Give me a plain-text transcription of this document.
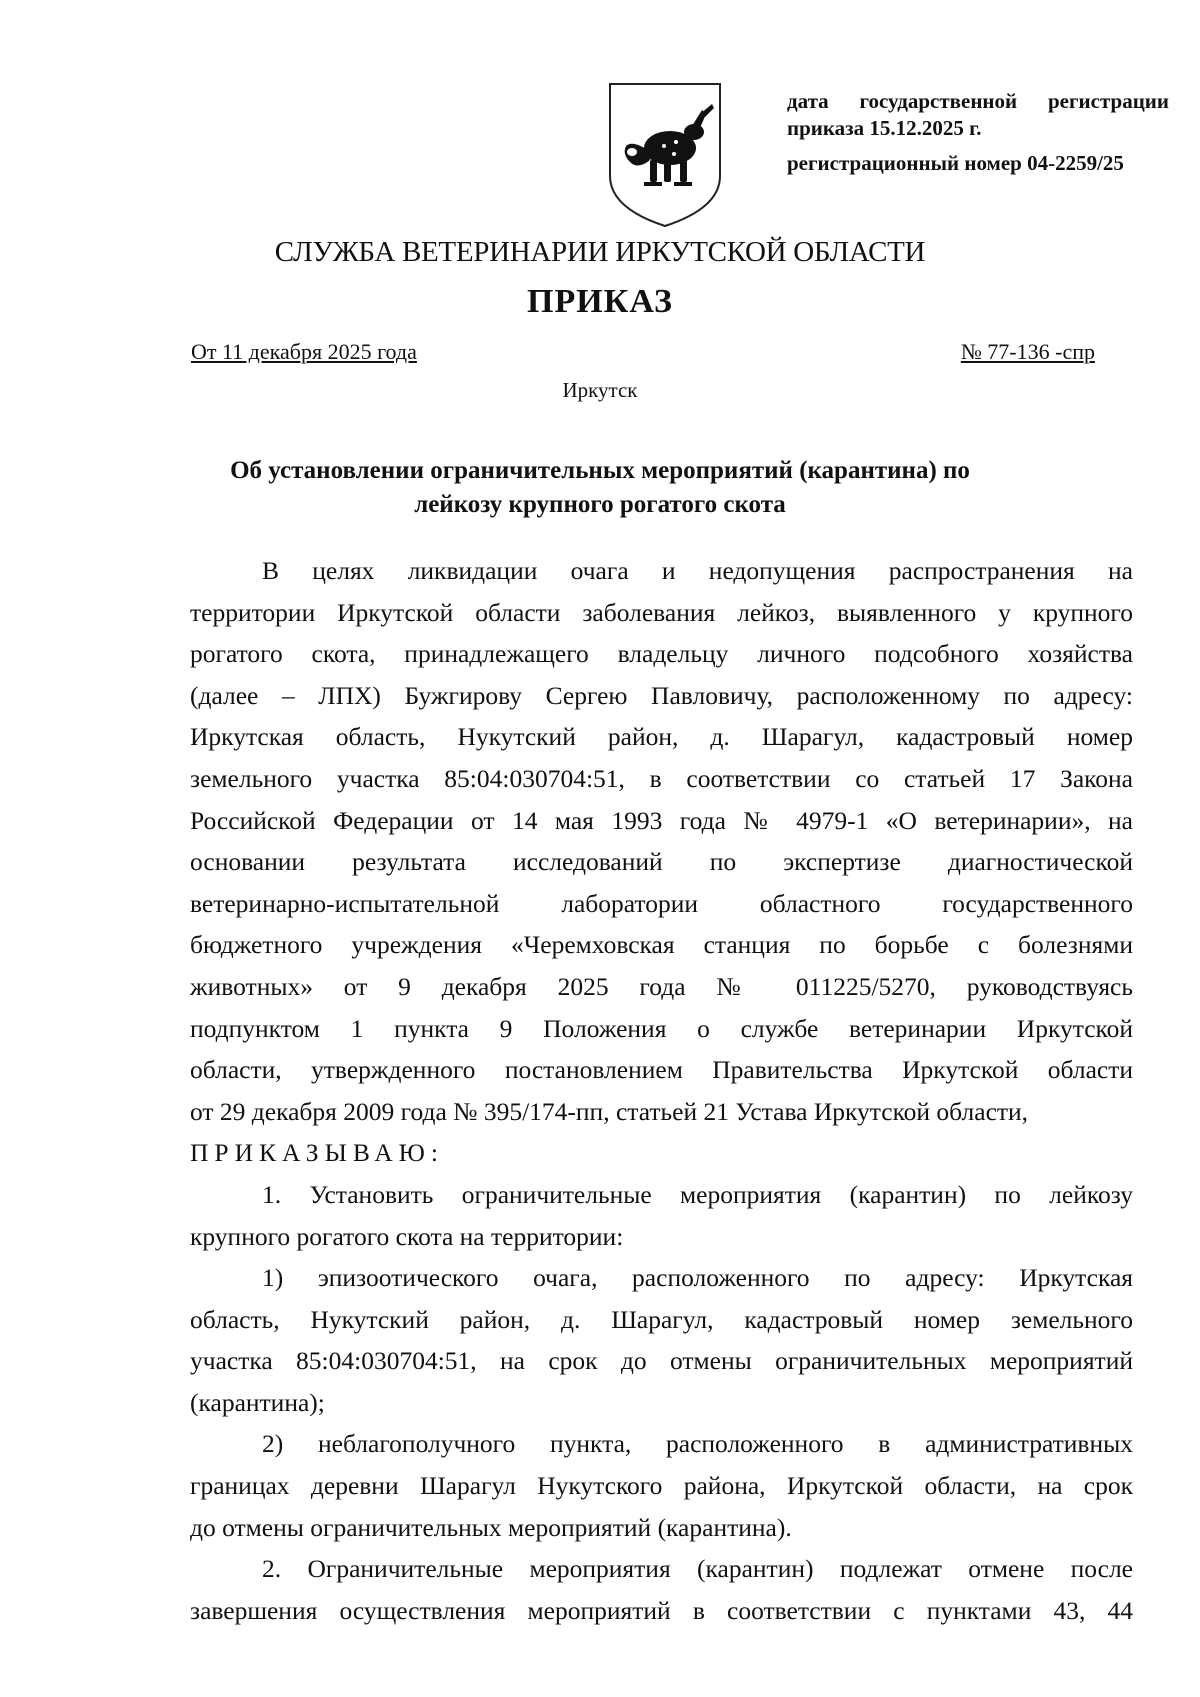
дата государственной регистрации
приказа 15.12.2025 г.
регистрационный номер 04-2259/25
СЛУЖБА ВЕТЕРИНАРИИ ИРКУТСКОЙ ОБЛАСТИ
ПРИКАЗ
От 11 декабря 2025 года	№ 77-136 -спр
Иркутск
Об установлении ограничительных мероприятий (карантина) по
лейкозу крупного рогатого скота
В целях ликвидации очага и недопущения распространения на
территории Иркутской области заболевания лейкоз, выявленного у крупного
рогатого скота, принадлежащего владельцу личного подсобного хозяйства
(далее – ЛПХ) Бужгирову Сергею Павловичу, расположенному по адресу:
Иркутская область, Нукутский район, д. Шарагул, кадастровый номер
земельного участка 85:04:030704:51, в соответствии со статьей 17 Закона
Российской Федерации от 14 мая 1993 года № 4979-1 «О ветеринарии», на
основании результата исследований по экспертизе диагностической
ветеринарно-испытательной лаборатории областного государственного
бюджетного учреждения «Черемховская станция по борьбе с болезнями
животных» от 9 декабря 2025 года № 011225/5270, руководствуясь
подпунктом 1 пункта 9 Положения о службе ветеринарии Иркутской
области, утвержденного постановлением Правительства Иркутской области
от 29 декабря 2009 года № 395/174-пп, статьей 21 Устава Иркутской области,
ПРИКАЗЫВАЮ:
1. Установить ограничительные мероприятия (карантин) по лейкозу
крупного рогатого скота на территории:
1) эпизоотического очага, расположенного по адресу: Иркутская
область, Нукутский район, д. Шарагул, кадастровый номер земельного
участка 85:04:030704:51, на срок до отмены ограничительных мероприятий
(карантина);
2) неблагополучного пункта, расположенного в административных
границах деревни Шарагул Нукутского района, Иркутской области, на срок
до отмены ограничительных мероприятий (карантина).
2. Ограничительные мероприятия (карантин) подлежат отмене после
завершения осуществления мероприятий в соответствии с пунктами 43, 44
